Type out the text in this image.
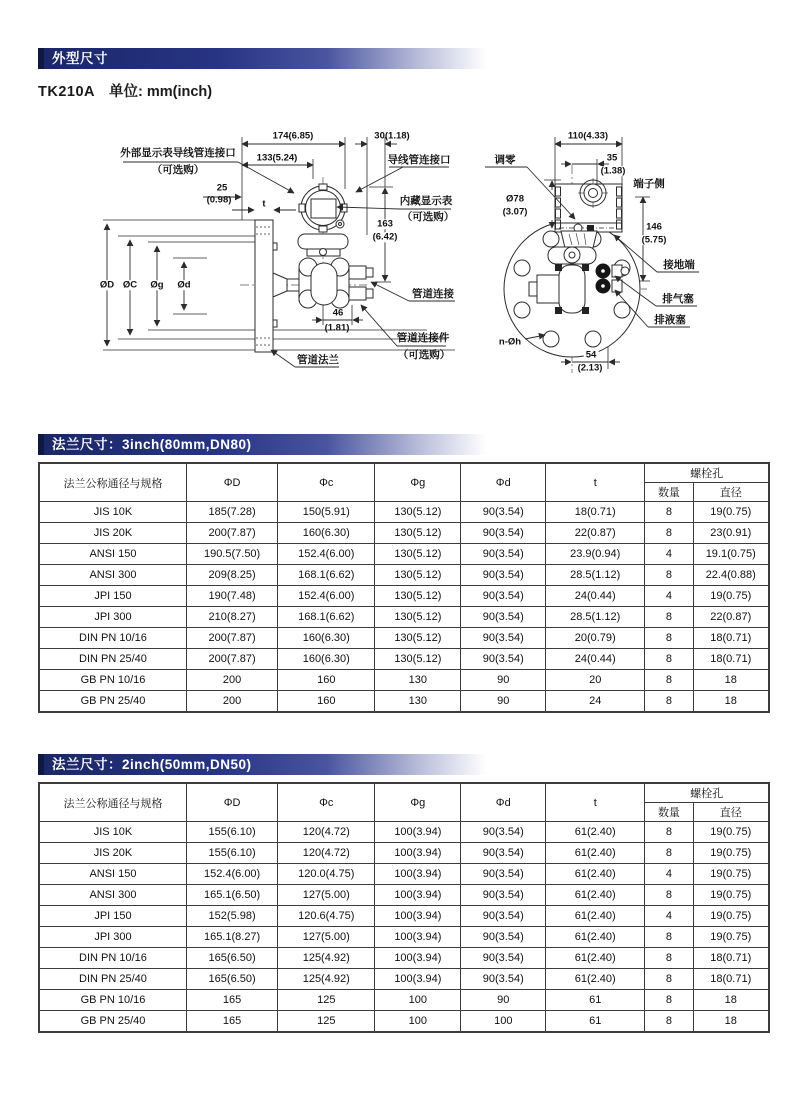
外型尺寸
TK210A 单位: mm(inch)
外部显示表导线管连接口
（可选购）
导线管连接口
内藏显示表
（可选购）
管道连接
管道连接件
（可选购）
管道法兰
174(6.85)	30(1.18)
133(5.24)
25
(0.98)	t
163
(6.42)
46
(1.81)
ØD ØC Øg Ød
110(4.33)
35
(1.38)
调零
Ø78
(3.07)
端子侧
146
(5.75)
接地端
排气塞
排液塞
n-Øh
54
(2.13)
法兰尺寸：3inch(80mm,DN80)
法兰公称通径与规格	ΦD	Φc	Φg	Φd	t	螺栓孔	
						数量	直径
JIS 10K	185(7.28)	150(5.91)	130(5.12)	90(3.54)	18(0.71)	8	19(0.75)
JIS 20K	200(7.87)	160(6.30)	130(5.12)	90(3.54)	22(0.87)	8	23(0.91)
ANSI 150	190.5(7.50)	152.4(6.00)	130(5.12)	90(3.54)	23.9(0.94)	4	19.1(0.75)
ANSI 300	209(8.25)	168.1(6.62)	130(5.12)	90(3.54)	28.5(1.12)	8	22.4(0.88)
JPI 150	190(7.48)	152.4(6.00)	130(5.12)	90(3.54)	24(0.44)	4	19(0.75)
JPI 300	210(8.27)	168.1(6.62)	130(5.12)	90(3.54)	28.5(1.12)	8	22(0.87)
DIN PN 10/16	200(7.87)	160(6.30)	130(5.12)	90(3.54)	20(0.79)	8	18(0.71)
DIN PN 25/40	200(7.87)	160(6.30)	130(5.12)	90(3.54)	24(0.44)	8	18(0.71)
GB PN 10/16	200	160	130	90	20	8	18
GB PN 25/40	200	160	130	90	24	8	18
法兰尺寸：2inch(50mm,DN50)
法兰公称通径与规格	ΦD	Φc	Φg	Φd	t	螺栓孔	
						数量	直径
JIS 10K	155(6.10)	120(4.72)	100(3.94)	90(3.54)	61(2.40)	8	19(0.75)
JIS 20K	155(6.10)	120(4.72)	100(3.94)	90(3.54)	61(2.40)	8	19(0.75)
ANSI 150	152.4(6.00)	120.0(4.75)	100(3.94)	90(3.54)	61(2.40)	4	19(0.75)
ANSI 300	165.1(6.50)	127(5.00)	100(3.94)	90(3.54)	61(2.40)	8	19(0.75)
JPI 150	152(5.98)	120.6(4.75)	100(3.94)	90(3.54)	61(2.40)	4	19(0.75)
JPI 300	165.1(8.27)	127(5.00)	100(3.94)	90(3.54)	61(2.40)	8	19(0.75)
DIN PN 10/16	165(6.50)	125(4.92)	100(3.94)	90(3.54)	61(2.40)	8	18(0.71)
DIN PN 25/40	165(6.50)	125(4.92)	100(3.94)	90(3.54)	61(2.40)	8	18(0.71)
GB PN 10/16	165	125	100	90	61	8	18
GB PN 25/40	165	125	100	100	61	8	18
